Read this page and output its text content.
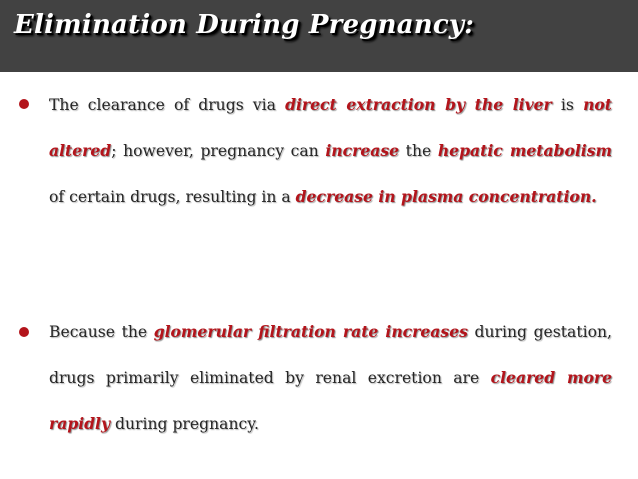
Elimination During Pregnancy:

The clearance of drugs via direct extraction by the liver is not altered; however, pregnancy can increase the hepatic metabolism of certain drugs, resulting in a decrease in plasma concentration.

Because the glomerular filtration rate increases during gestation, drugs primarily eliminated by renal excretion are cleared more rapidly during pregnancy.
